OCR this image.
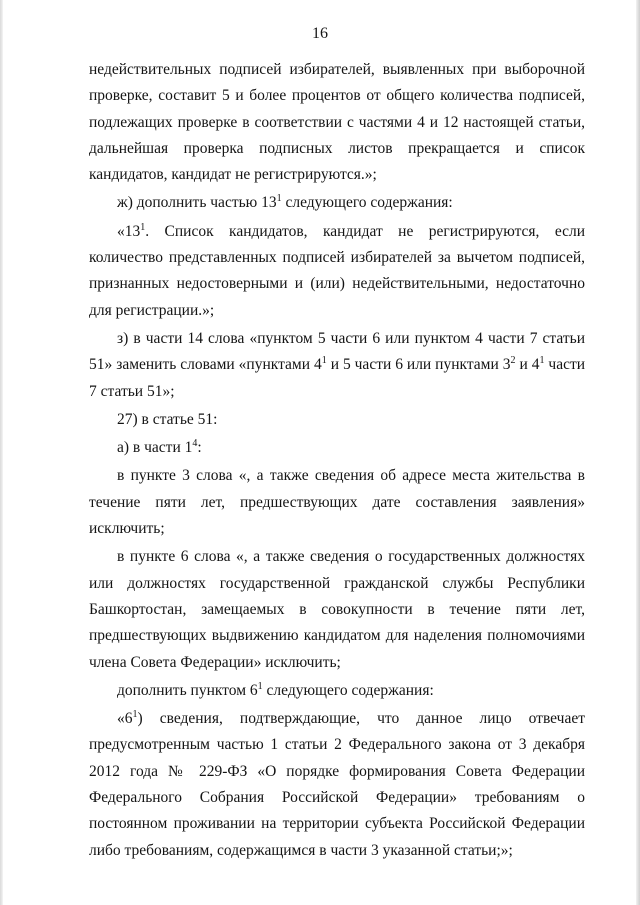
16

недействительных подписей избирателей, выявленных при выборочной проверке, составит 5 и более процентов от общего количества подписей, подлежащих проверке в соответствии с частями 4 и 12 настоящей статьи, дальнейшая проверка подписных листов прекращается и список кандидатов, кандидат не регистрируются.»;

ж) дополнить частью $13^1$ следующего содержания:

«$13^1$. Список кандидатов, кандидат не регистрируются, если количество представленных подписей избирателей за вычетом подписей, признанных недостоверными и (или) недействительными, недостаточно для регистрации.»;

з) в части 14 слова «пунктом 5 части 6 или пунктом 4 части 7 статьи 51» заменить словами «пунктами $4^1$ и 5 части 6 или пунктами $3^2$ и $4^1$ части 7 статьи 51»;

27) в статье 51:

а) в части $1^4$:

в пункте 3 слова «, а также сведения об адресе места жительства в течение пяти лет, предшествующих дате составления заявления» исключить;

в пункте 6 слова «, а также сведения о государственных должностях или должностях государственной гражданской службы Республики Башкортостан, замещаемых в совокупности в течение пяти лет, предшествующих выдвижению кандидатом для наделения полномочиями члена Совета Федерации» исключить;

дополнить пунктом $6^1$ следующего содержания:

«$6^1$) сведения, подтверждающие, что данное лицо отвечает предусмотренным частью 1 статьи 2 Федерального закона от 3 декабря 2012 года № 229-ФЗ «О порядке формирования Совета Федерации Федерального Собрания Российской Федерации» требованиям о постоянном проживании на территории субъекта Российской Федерации либо требованиям, содержащимся в части 3 указанной статьи;»;
